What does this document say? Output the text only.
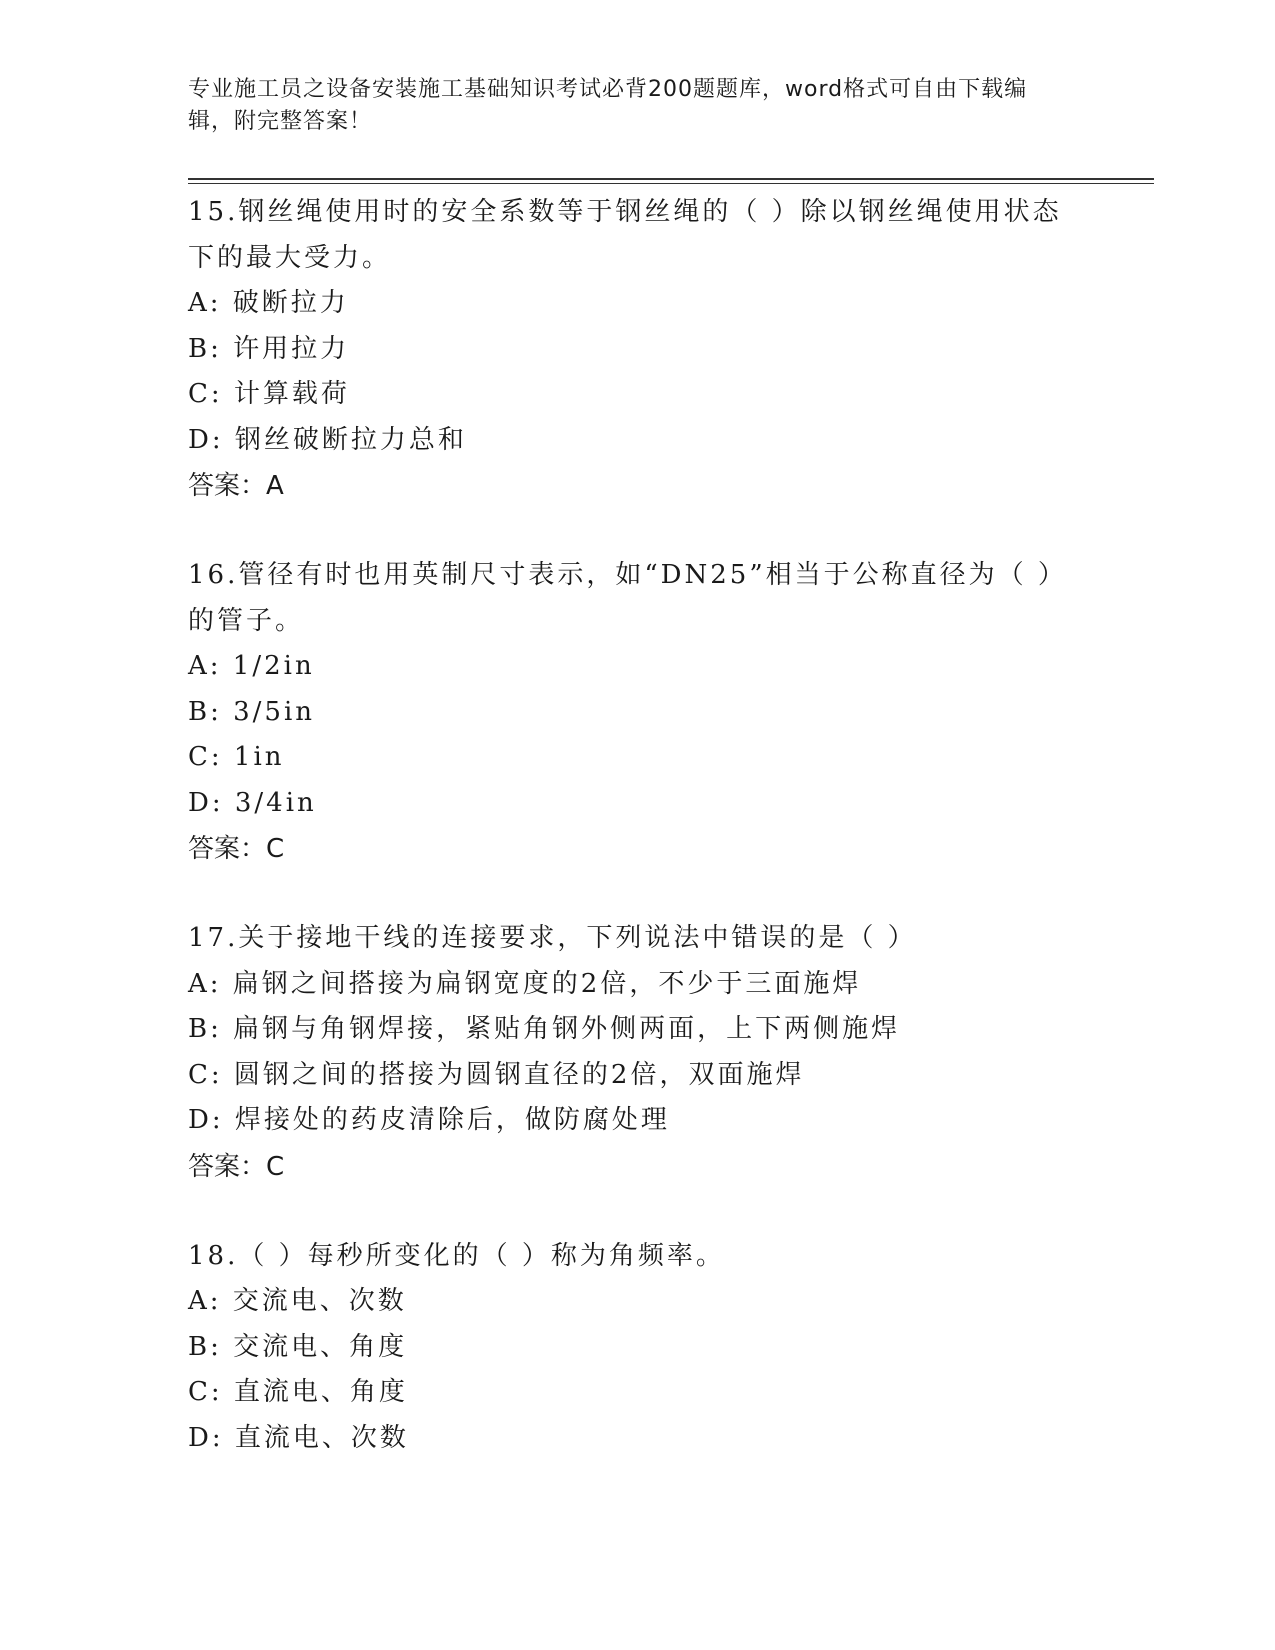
专业施工员之设备安装施工基础知识考试必背200题题库，word格式可自由下载编辑，附完整答案！
15.钢丝绳使用时的安全系数等于钢丝绳的（ ）除以钢丝绳使用状态下的最大受力。
A: 破断拉力
B: 许用拉力
C: 计算载荷
D: 钢丝破断拉力总和
答案：A
16.管径有时也用英制尺寸表示，如“DN25”相当于公称直径为（ ）的管子。
A: 1/2in
B: 3/5in
C: 1in
D: 3/4in
答案：C
17.关于接地干线的连接要求，下列说法中错误的是（ ）
A: 扁钢之间搭接为扁钢宽度的2倍，不少于三面施焊
B: 扁钢与角钢焊接，紧贴角钢外侧两面，上下两侧施焊
C: 圆钢之间的搭接为圆钢直径的2倍，双面施焊
D: 焊接处的药皮清除后，做防腐处理
答案：C
18.（ ）每秒所变化的（ ）称为角频率。
A: 交流电、次数
B: 交流电、角度
C: 直流电、角度
D: 直流电、次数
